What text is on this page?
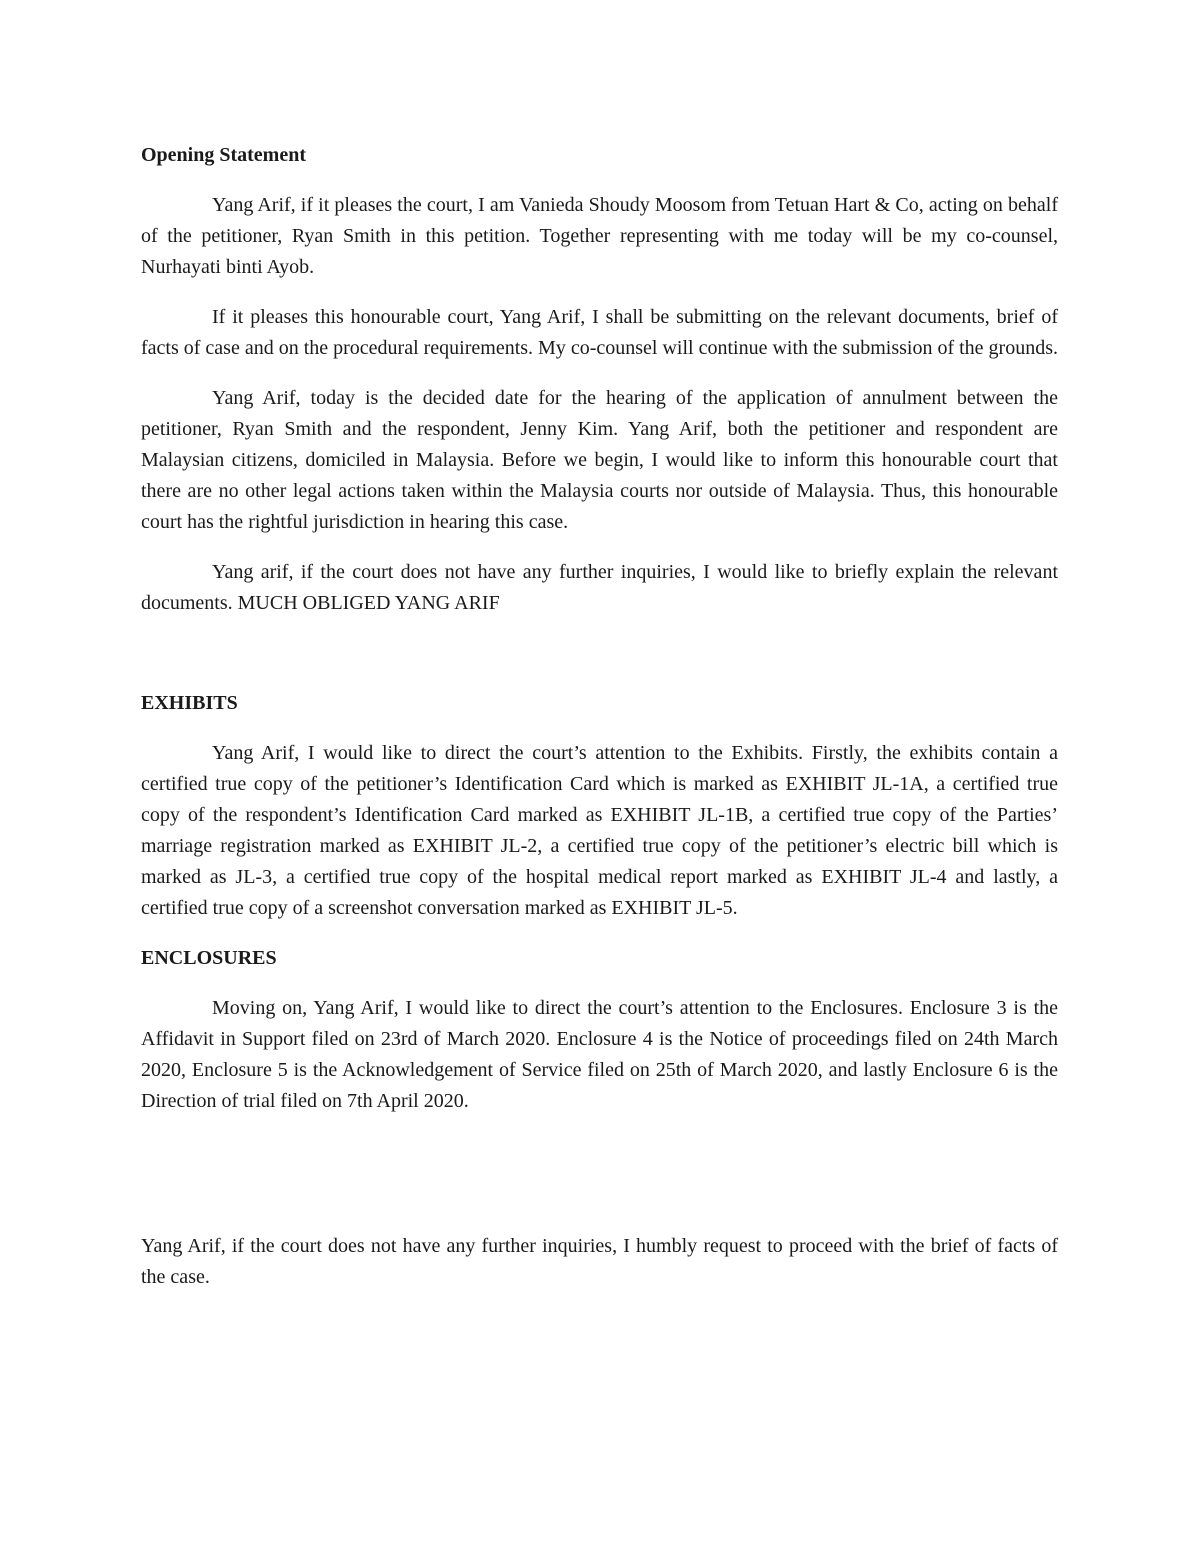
Opening Statement

Yang Arif, if it pleases the court, I am Vanieda Shoudy Moosom from Tetuan Hart & Co, acting on behalf of the petitioner, Ryan Smith in this petition. Together representing with me today will be my co-counsel, Nurhayati binti Ayob.

If it pleases this honourable court, Yang Arif, I shall be submitting on the relevant documents, brief of facts of case and on the procedural requirements. My co-counsel will continue with the submission of the grounds.

Yang Arif, today is the decided date for the hearing of the application of annulment between the petitioner, Ryan Smith and the respondent, Jenny Kim. Yang Arif, both the petitioner and respondent are Malaysian citizens, domiciled in Malaysia. Before we begin, I would like to inform this honourable court that there are no other legal actions taken within the Malaysia courts nor outside of Malaysia. Thus, this honourable court has the rightful jurisdiction in hearing this case.

Yang arif, if the court does not have any further inquiries, I would like to briefly explain the relevant documents. MUCH OBLIGED YANG ARIF

EXHIBITS

Yang Arif, I would like to direct the court’s attention to the Exhibits. Firstly, the exhibits contain a certified true copy of the petitioner’s Identification Card which is marked as EXHIBIT JL-1A, a certified true copy of the respondent’s Identification Card marked as EXHIBIT JL-1B, a certified true copy of the Parties’ marriage registration marked as EXHIBIT JL-2, a certified true copy of the petitioner’s electric bill which is marked as JL-3, a certified true copy of the hospital medical report marked as EXHIBIT JL-4 and lastly, a certified true copy of a screenshot conversation marked as EXHIBIT JL-5.

ENCLOSURES

Moving on, Yang Arif, I would like to direct the court’s attention to the Enclosures. Enclosure 3 is the Affidavit in Support filed on 23rd of March 2020. Enclosure 4 is the Notice of proceedings filed on 24th March 2020, Enclosure 5 is the Acknowledgement of Service filed on 25th of March 2020, and lastly Enclosure 6 is the Direction of trial filed on 7th April 2020.

Yang Arif, if the court does not have any further inquiries, I humbly request to proceed with the brief of facts of the case.
